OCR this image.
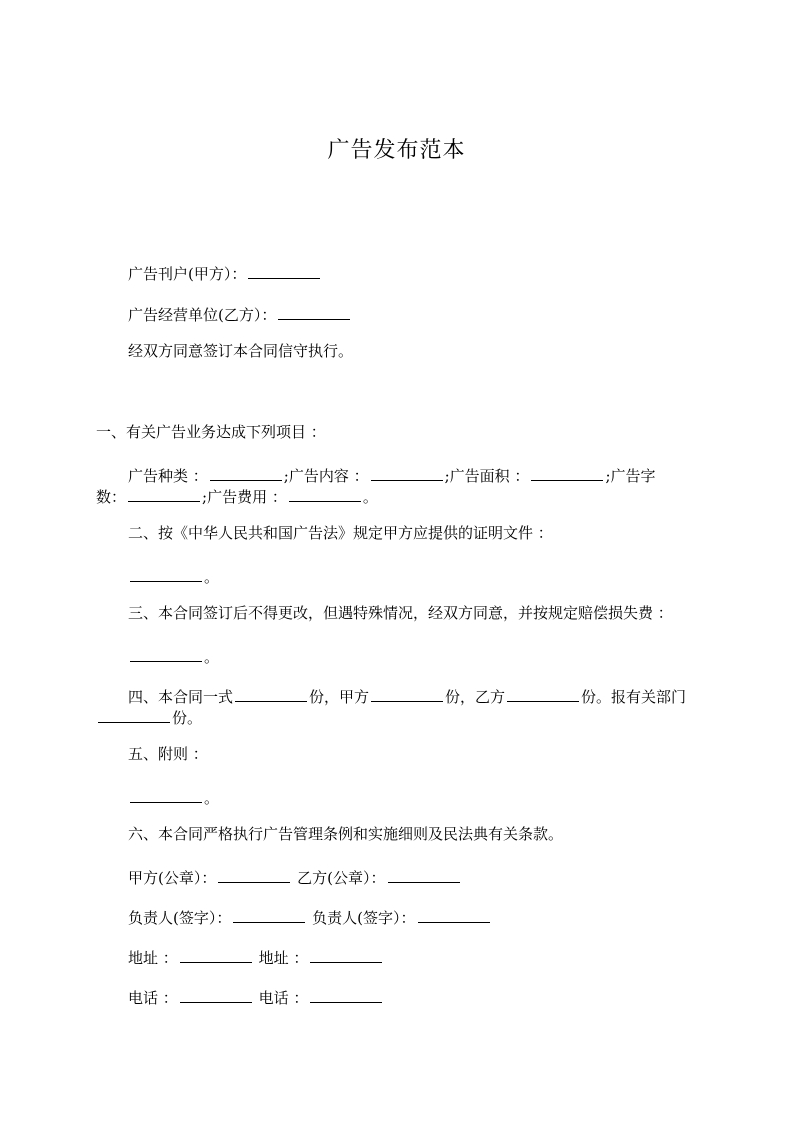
广告发布范本
广告刊户(甲方）：
广告经营单位(乙方）：
经双方同意签订本合同信守执行。
一、有关广告业务达成下列项目 ：
广告种类 ：	;广告内容 ：	;广告面积 ：	;广告字
数：	;广告费用 ：	。
二、按《中华人民共和国广告法》规定甲方应提供的证明文件 ：
。
三、本合同签订后不得更改，但遇特殊情况，经双方同意，并按规定赔偿损失费 ：
。
四、本合同一式	份，甲方	份，乙方	份。报有关部门
份。
五、附则 ：
。
六、本合同严格执行广告管理条例和实施细则及民法典有关条款。
甲方(公章）：	乙方(公章）：
负责人(签字）：	负责人(签字）：
地址 ：	地址 ：
电话 ：	电话 ：
